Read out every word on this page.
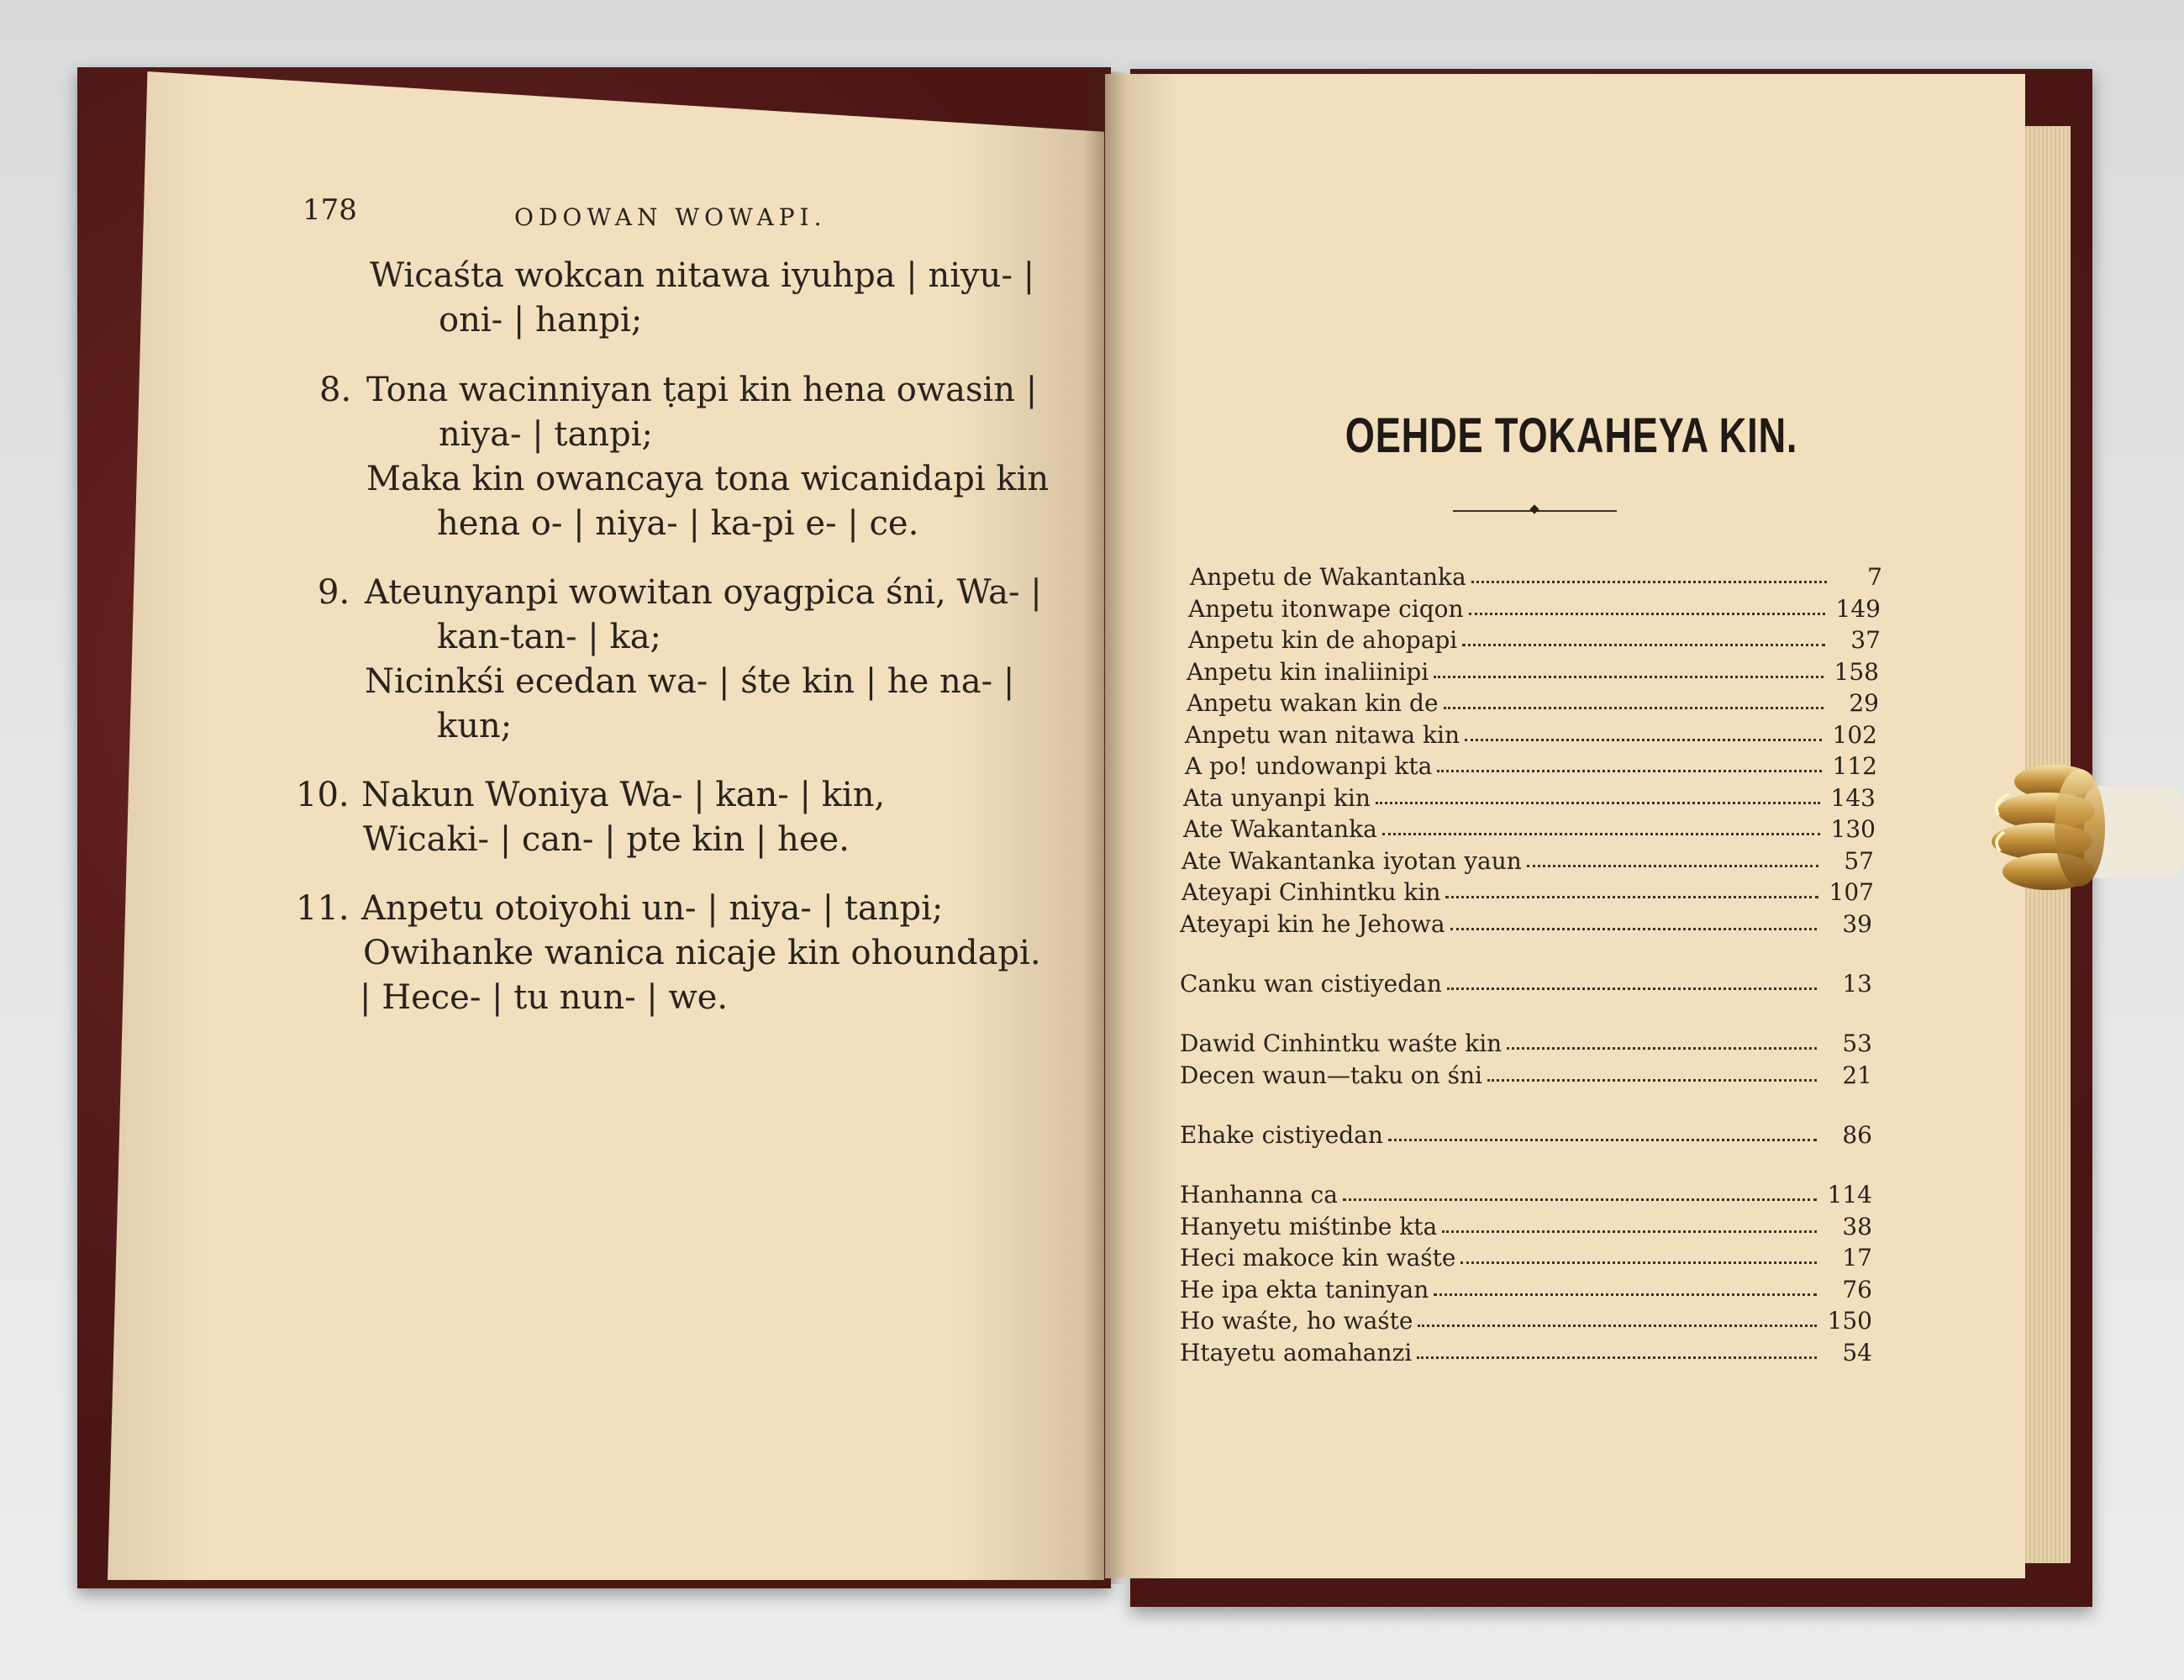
178	ODOWAN WOWAPI.
Wicaśta wokcan nitawa iyuhpa | niyu- |
oni- | hanpi;
8. Tona wacinniyan ṭapi kin hena owasin |
niya- | tanpi;
Maka kin owancaya tona wicanidapi kin
hena o- | niya- | ka-pi e- | ce.
9. Ateunyanpi wowitan oyagpica śni, Wa- |
kan-tan- | ka;
Nicinkśi ecedan wa- | śte kin | he na- |
kun;
10. Nakun Woniya Wa- | kan- | kin,
Wicaki- | can- | pte kin | hee.
11. Anpetu otoiyohi un- | niya- | tanpi;
Owihanke wanica nicaje kin ohoundapi.
| Hece- | tu nun- | we.
OEHDE TOKAHEYA KIN.
Anpetu de Wakantanka	7
Anpetu itonwape ciqon	149
Anpetu kin de ahopapi	37
Anpetu kin inaliinipi	158
Anpetu wakan kin de	29
Anpetu wan nitawa kin	102
A po! undowanpi kta	112
Ata unyanpi kin	143
Ate Wakantanka	130
Ate Wakantanka iyotan yaun	57
Ateyapi Cinhintku kin	107
Ateyapi kin he Jehowa	39
Canku wan cistiyedan	13
Dawid Cinhintku waśte kin	53
Decen waun—taku on śni	21
Ehake cistiyedan	86
Hanhanna ca	114
Hanyetu miśtinbe kta	38
Heci makoce kin waśte	17
He ipa ekta taninyan	76
Ho waśte, ho waśte	150
Htayetu aomahanzi	54
